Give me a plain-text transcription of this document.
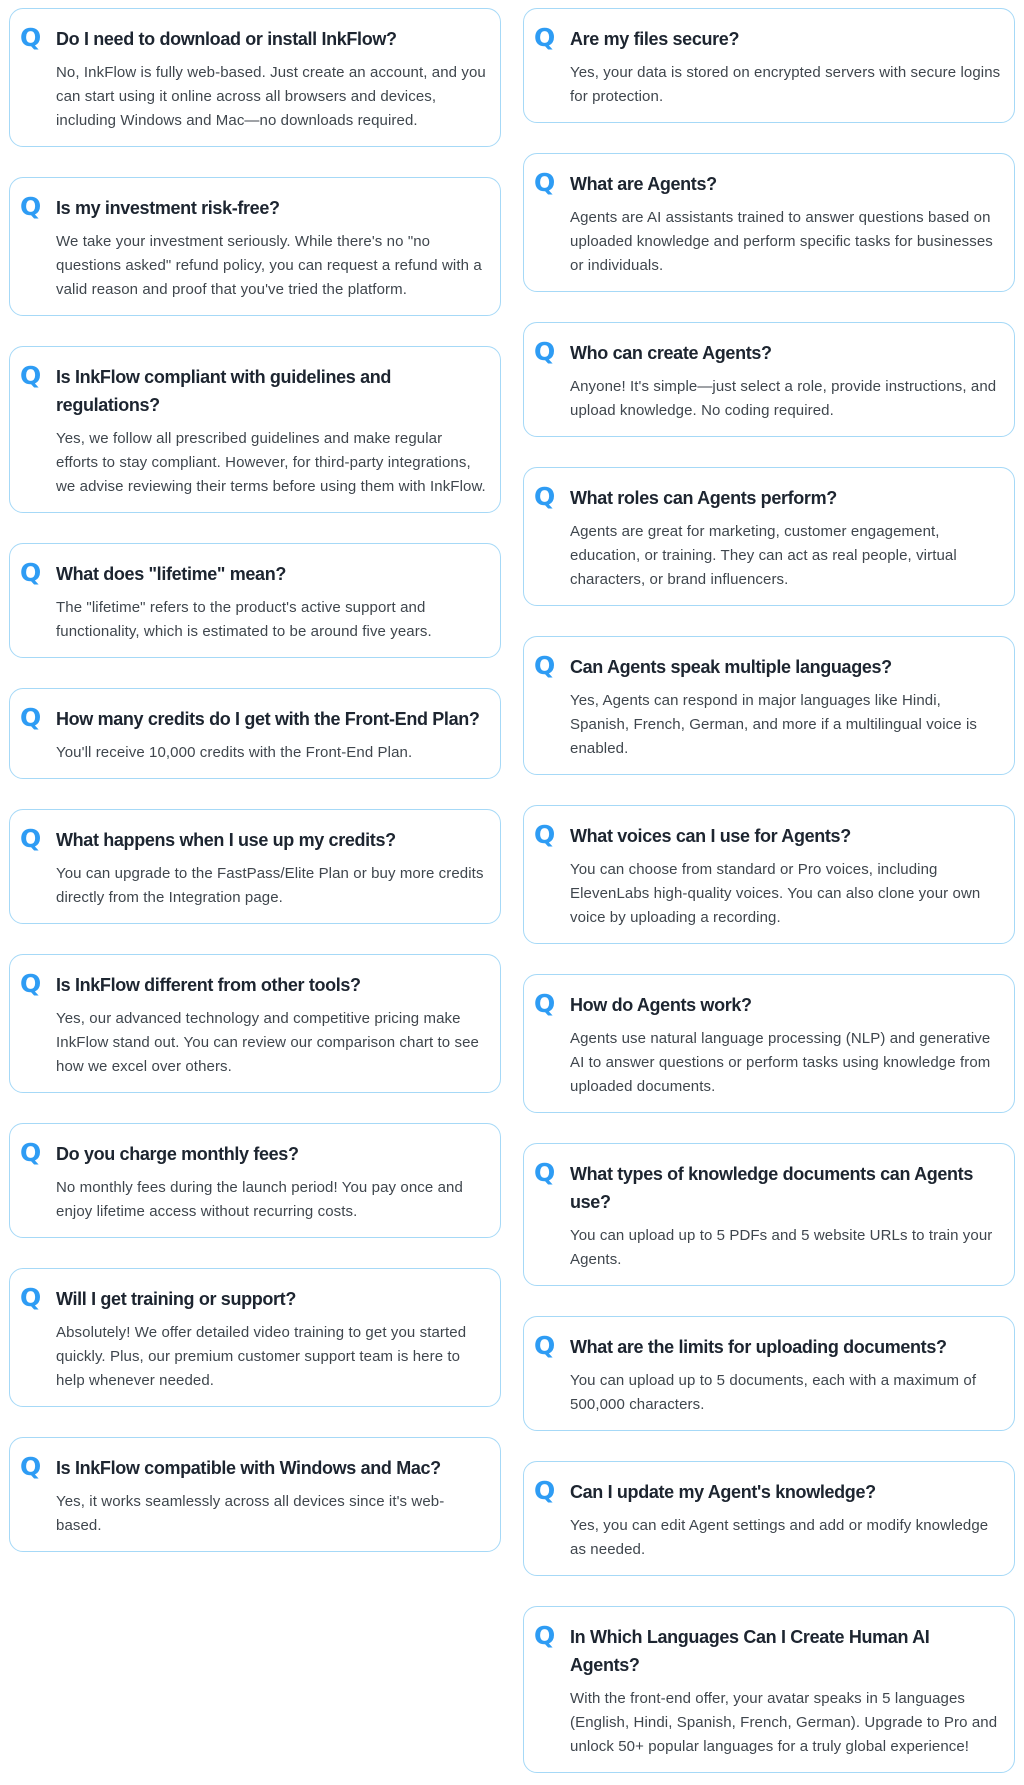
Q Do I need to download or install InkFlow?

No, InkFlow is fully web-based. Just create an account, and you can start using it online across all browsers and devices, including Windows and Mac—no downloads required.

Q Is my investment risk-free?

We take your investment seriously. While there's no "no questions asked" refund policy, you can request a refund with a valid reason and proof that you've tried the platform.

Q Is InkFlow compliant with guidelines and regulations?

Yes, we follow all prescribed guidelines and make regular efforts to stay compliant. However, for third-party integrations, we advise reviewing their terms before using them with InkFlow.

Q What does "lifetime" mean?

The "lifetime" refers to the product's active support and functionality, which is estimated to be around five years.

Q How many credits do I get with the Front-End Plan?

You'll receive 10,000 credits with the Front-End Plan.

Q What happens when I use up my credits?

You can upgrade to the FastPass/Elite Plan or buy more credits directly from the Integration page.

Q Is InkFlow different from other tools?

Yes, our advanced technology and competitive pricing make InkFlow stand out. You can review our comparison chart to see how we excel over others.

Q Do you charge monthly fees?

No monthly fees during the launch period! You pay once and enjoy lifetime access without recurring costs.

Q Will I get training or support?

Absolutely! We offer detailed video training to get you started quickly. Plus, our premium customer support team is here to help whenever needed.

Q Is InkFlow compatible with Windows and Mac?

Yes, it works seamlessly across all devices since it's web-based.

Q Are my files secure?

Yes, your data is stored on encrypted servers with secure logins for protection.

Q What are Agents?

Agents are AI assistants trained to answer questions based on uploaded knowledge and perform specific tasks for businesses or individuals.

Q Who can create Agents?

Anyone! It's simple—just select a role, provide instructions, and upload knowledge. No coding required.

Q What roles can Agents perform?

Agents are great for marketing, customer engagement, education, or training. They can act as real people, virtual characters, or brand influencers.

Q Can Agents speak multiple languages?

Yes, Agents can respond in major languages like Hindi, Spanish, French, German, and more if a multilingual voice is enabled.

Q What voices can I use for Agents?

You can choose from standard or Pro voices, including ElevenLabs high-quality voices. You can also clone your own voice by uploading a recording.

Q How do Agents work?

Agents use natural language processing (NLP) and generative AI to answer questions or perform tasks using knowledge from uploaded documents.

Q What types of knowledge documents can Agents use?

You can upload up to 5 PDFs and 5 website URLs to train your Agents.

Q What are the limits for uploading documents?

You can upload up to 5 documents, each with a maximum of 500,000 characters.

Q Can I update my Agent's knowledge?

Yes, you can edit Agent settings and add or modify knowledge as needed.

Q In Which Languages Can I Create Human AI Agents?

With the front-end offer, your avatar speaks in 5 languages (English, Hindi, Spanish, French, German). Upgrade to Pro and unlock 50+ popular languages for a truly global experience!
